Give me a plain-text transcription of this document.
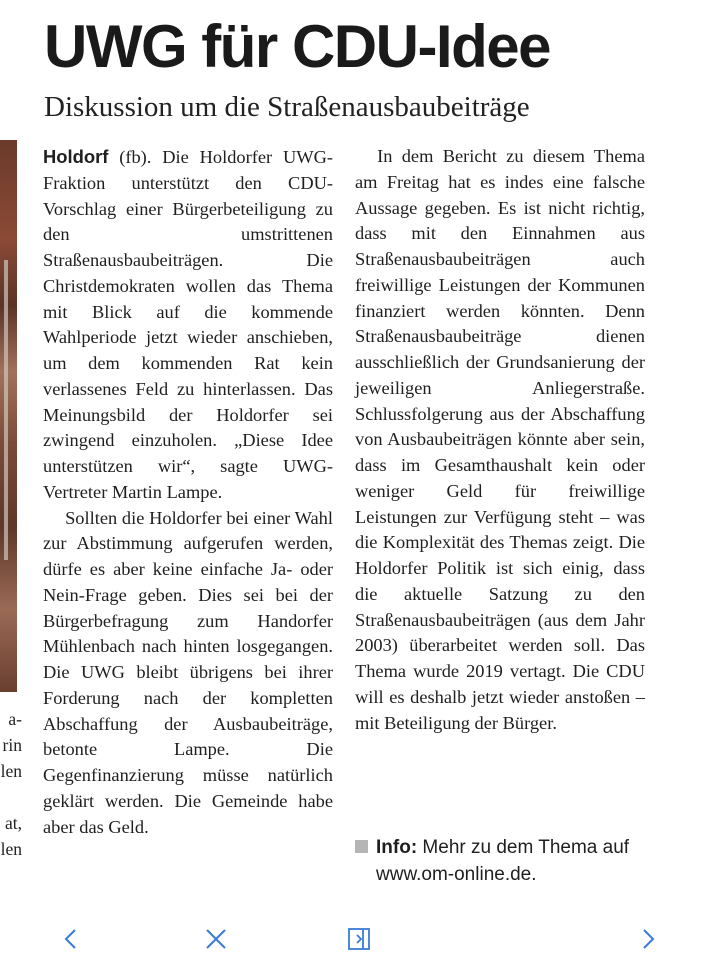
UWG für CDU-Idee
Diskussion um die Straßenausbaubeiträge
a-
rin
len

at,
len

Holdorf (fb). Die Holdorfer UWG-Fraktion unterstützt den CDU-Vorschlag einer Bürgerbeteiligung zu den umstrittenen Straßenausbaubeiträgen. Die Christdemokraten wollen das Thema mit Blick auf die kommende Wahlperiode jetzt wieder anschieben, um dem kommenden Rat kein verlassenes Feld zu hinterlassen. Das Meinungsbild der Holdorfer sei zwingend einzuholen. „Diese Idee unterstützen wir“, sagte UWG-Vertreter Martin Lampe.

Sollten die Holdorfer bei einer Wahl zur Abstimmung aufgerufen werden, dürfe es aber keine einfache Ja- oder Nein-Frage geben. Dies sei bei der Bürgerbefragung zum Handorfer Mühlenbach nach hinten losgegangen. Die UWG bleibt übrigens bei ihrer Forderung nach der kompletten Abschaffung der Ausbaubeiträge, betonte Lampe. Die Gegenfinanzierung müsse natürlich geklärt werden. Die Gemeinde habe aber das Geld.

In dem Bericht zu diesem Thema am Freitag hat es indes eine falsche Aussage gegeben. Es ist nicht richtig, dass mit den Einnahmen aus Straßenausbaubeiträgen auch freiwillige Leistungen der Kommunen finanziert werden könnten. Denn Straßenausbaubeiträge dienen ausschließlich der Grundsanierung der jeweiligen Anliegerstraße. Schlussfolgerung aus der Abschaffung von Ausbaubeiträgen könnte aber sein, dass im Gesamthaushalt kein oder weniger Geld für freiwillige Leistungen zur Verfügung steht – was die Komplexität des Themas zeigt. Die Holdorfer Politik ist sich einig, dass die aktuelle Satzung zu den Straßenausbaubeiträgen (aus dem Jahr 2003) überarbeitet werden soll. Das Thema wurde 2019 vertagt. Die CDU will es deshalb jetzt wieder anstoßen – mit Beteiligung der Bürger.

Info: Mehr zu dem Thema auf
www.om-online.de.
